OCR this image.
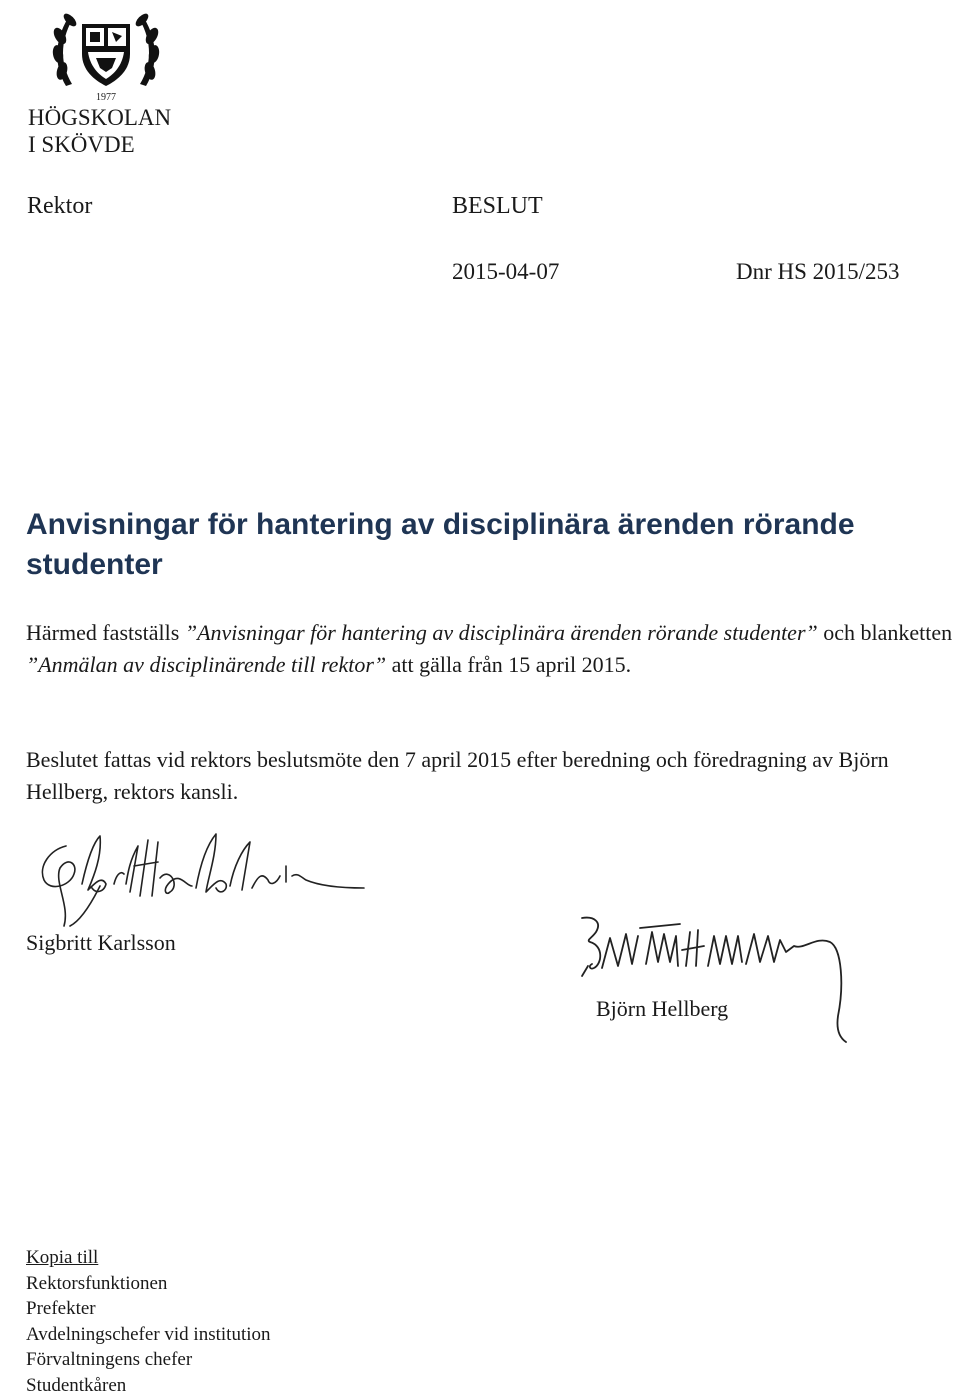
1977
HÖGSKOLAN
I SKÖVDE
Rektor	BESLUT
2015-04-07	Dnr HS 2015/253
Anvisningar för hantering av disciplinära ärenden rörande studenter
Härmed fastställs ”Anvisningar för hantering av disciplinära ärenden rörande studenter” och blanketten ”Anmälan av disciplinärende till rektor” att gälla från 15 april 2015.
Beslutet fattas vid rektors beslutsmöte den 7 april 2015 efter beredning och föredragning av Björn Hellberg, rektors kansli.
Sigbritt Karlsson
Björn Hellberg
Kopia till
Rektorsfunktionen
Prefekter
Avdelningschefer vid institution
Förvaltningens chefer
Studentkåren
